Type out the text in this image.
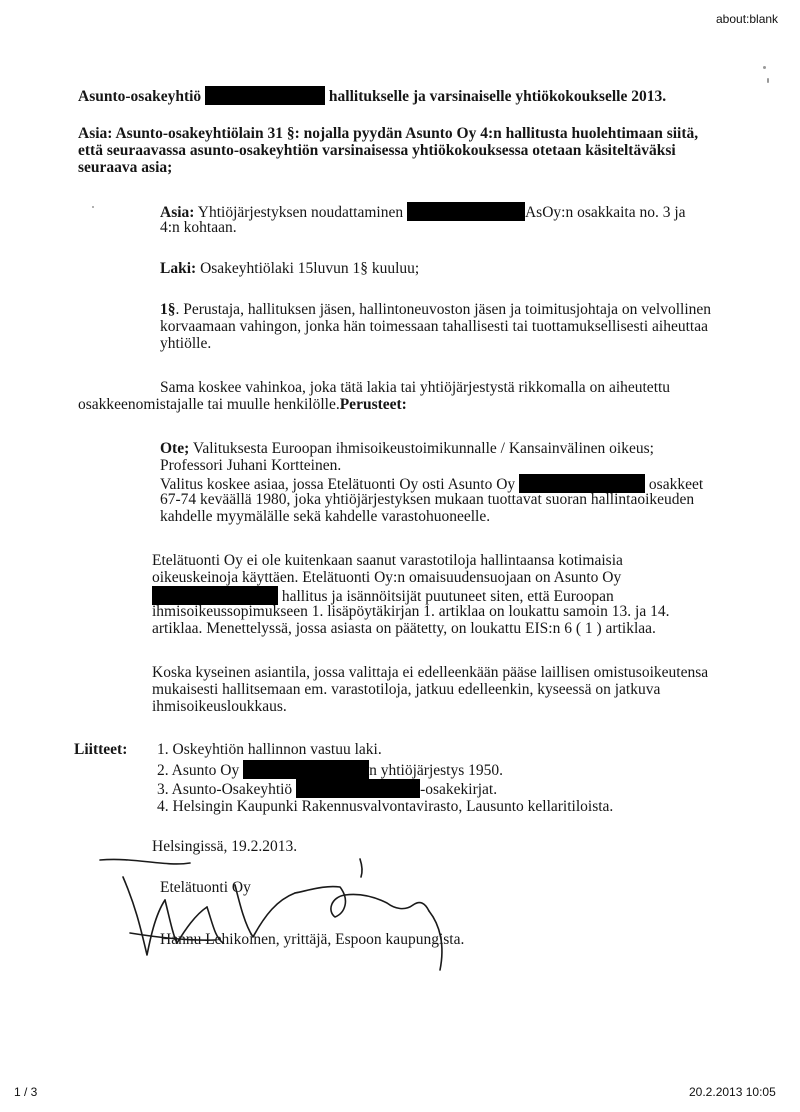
about:blank
1 / 3	20.2.2013 10:05
Asunto-osakeyhtiö	hallitukselle ja varsinaiselle yhtiökokoukselle 2013.
Asia: Asunto-osakeyhtiölain 31 §: nojalla pyydän Asunto Oy 4:n hallitusta huolehtimaan siitä,
että seuraavassa asunto-osakeyhtiön varsinaisessa yhtiökokouksessa otetaan käsiteltäväksi
seuraava asia;
Asia: Yhtiöjärjestyksen noudattaminen	AsOy:n osakkaita no. 3 ja
4:n kohtaan.
Laki: Osakeyhtiölaki 15luvun 1§ kuuluu;
1§. Perustaja, hallituksen jäsen, hallintoneuvoston jäsen ja toimitusjohtaja on velvollinen
korvaamaan vahingon, jonka hän toimessaan tahallisesti tai tuottamuksellisesti aiheuttaa
yhtiölle.
Sama koskee vahinkoa, joka tätä lakia tai yhtiöjärjestystä rikkomalla on aiheutettu
osakkeenomistajalle tai muulle henkilölle.Perusteet:
Ote; Valituksesta Euroopan ihmisoikeustoimikunnalle / Kansainvälinen oikeus;
Professori Juhani Kortteinen.
Valitus koskee asiaa, jossa Etelätuonti Oy osti Asunto Oy	osakkeet
67-74 keväällä 1980, joka yhtiöjärjestyksen mukaan tuottavat suoran hallintaoikeuden
kahdelle myymälälle sekä kahdelle varastohuoneelle.
Etelätuonti Oy ei ole kuitenkaan saanut varastotiloja hallintaansa kotimaisia
oikeuskeinoja käyttäen. Etelätuonti Oy:n omaisuudensuojaan on Asunto Oy
hallitus ja isännöitsijät puutuneet siten, että Euroopan
ihmisoikeussopimukseen 1. lisäpöytäkirjan 1. artiklaa on loukattu samoin 13. ja 14.
artiklaa. Menettelyssä, jossa asiasta on päätetty, on loukattu EIS:n 6 ( 1 ) artiklaa.
Koska kyseinen asiantila, jossa valittaja ei edelleenkään pääse laillisen omistusoikeutensa
mukaisesti hallitsemaan em. varastotiloja, jatkuu edelleenkin, kyseessä on jatkuva
ihmisoikeusloukkaus.
Liitteet: 1. Oskeyhtiön hallinnon vastuu laki.
2. Asunto Oy	n yhtiöjärjestys 1950.
3. Asunto-Osakeyhtiö	-osakekirjat.
4. Helsingin Kaupunki Rakennusvalvontavirasto, Lausunto kellaritiloista.
Helsingissä, 19.2.2013.
Etelätuonti Oy
Hannu Lehikoinen, yrittäjä, Espoon kaupungista.
